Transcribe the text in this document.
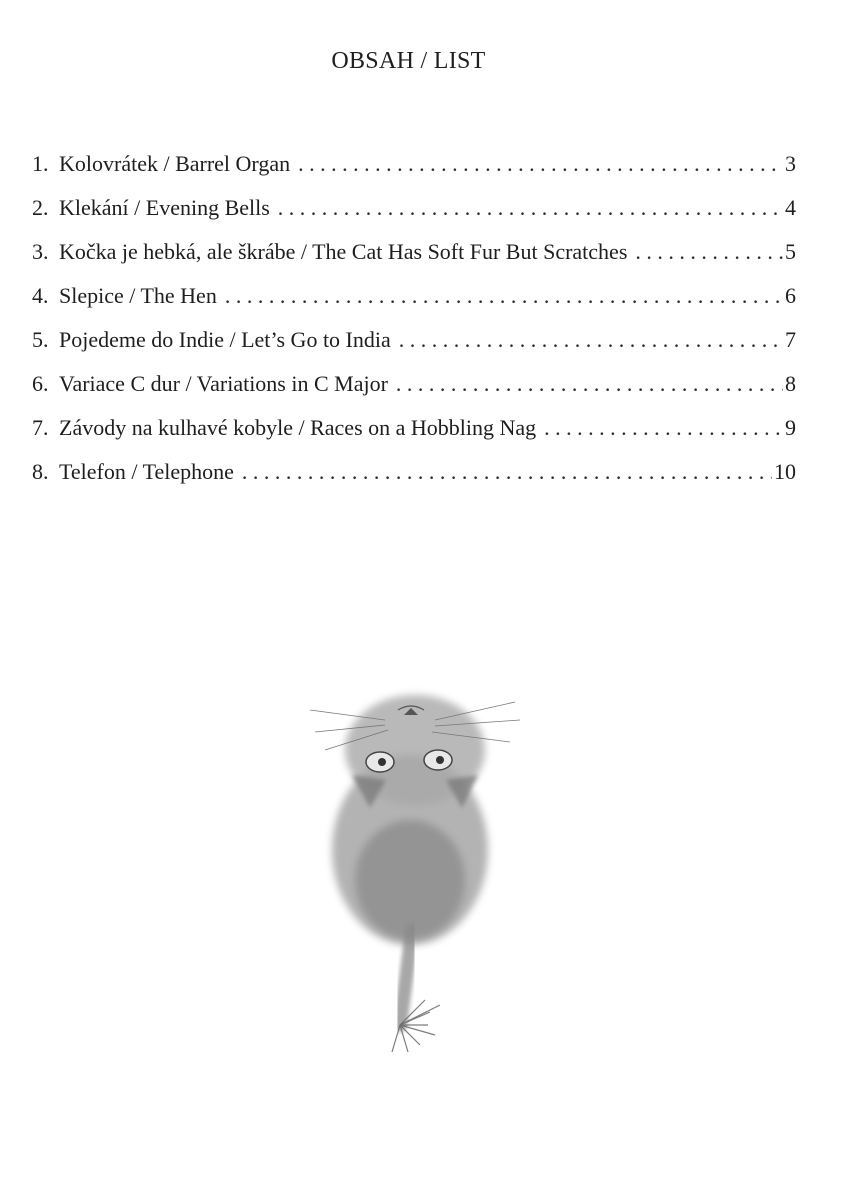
OBSAH / LIST
1. Kolovrátek / Barrel Organ . . .	3
2. Klekání / Evening Bells . . .	4
3. Kočka je hebká, ale škrábe / The Cat Has Soft Fur But Scratches . . .	5
4. Slepice / The Hen . . .	6
5. Pojedeme do Indie / Let’s Go to India . . .	7
6. Variace C dur / Variations in C Major . . .	8
7. Závody na kulhavé kobyle / Races on a Hobbling Nag . . .	9
8. Telefon / Telephone . . .	10
